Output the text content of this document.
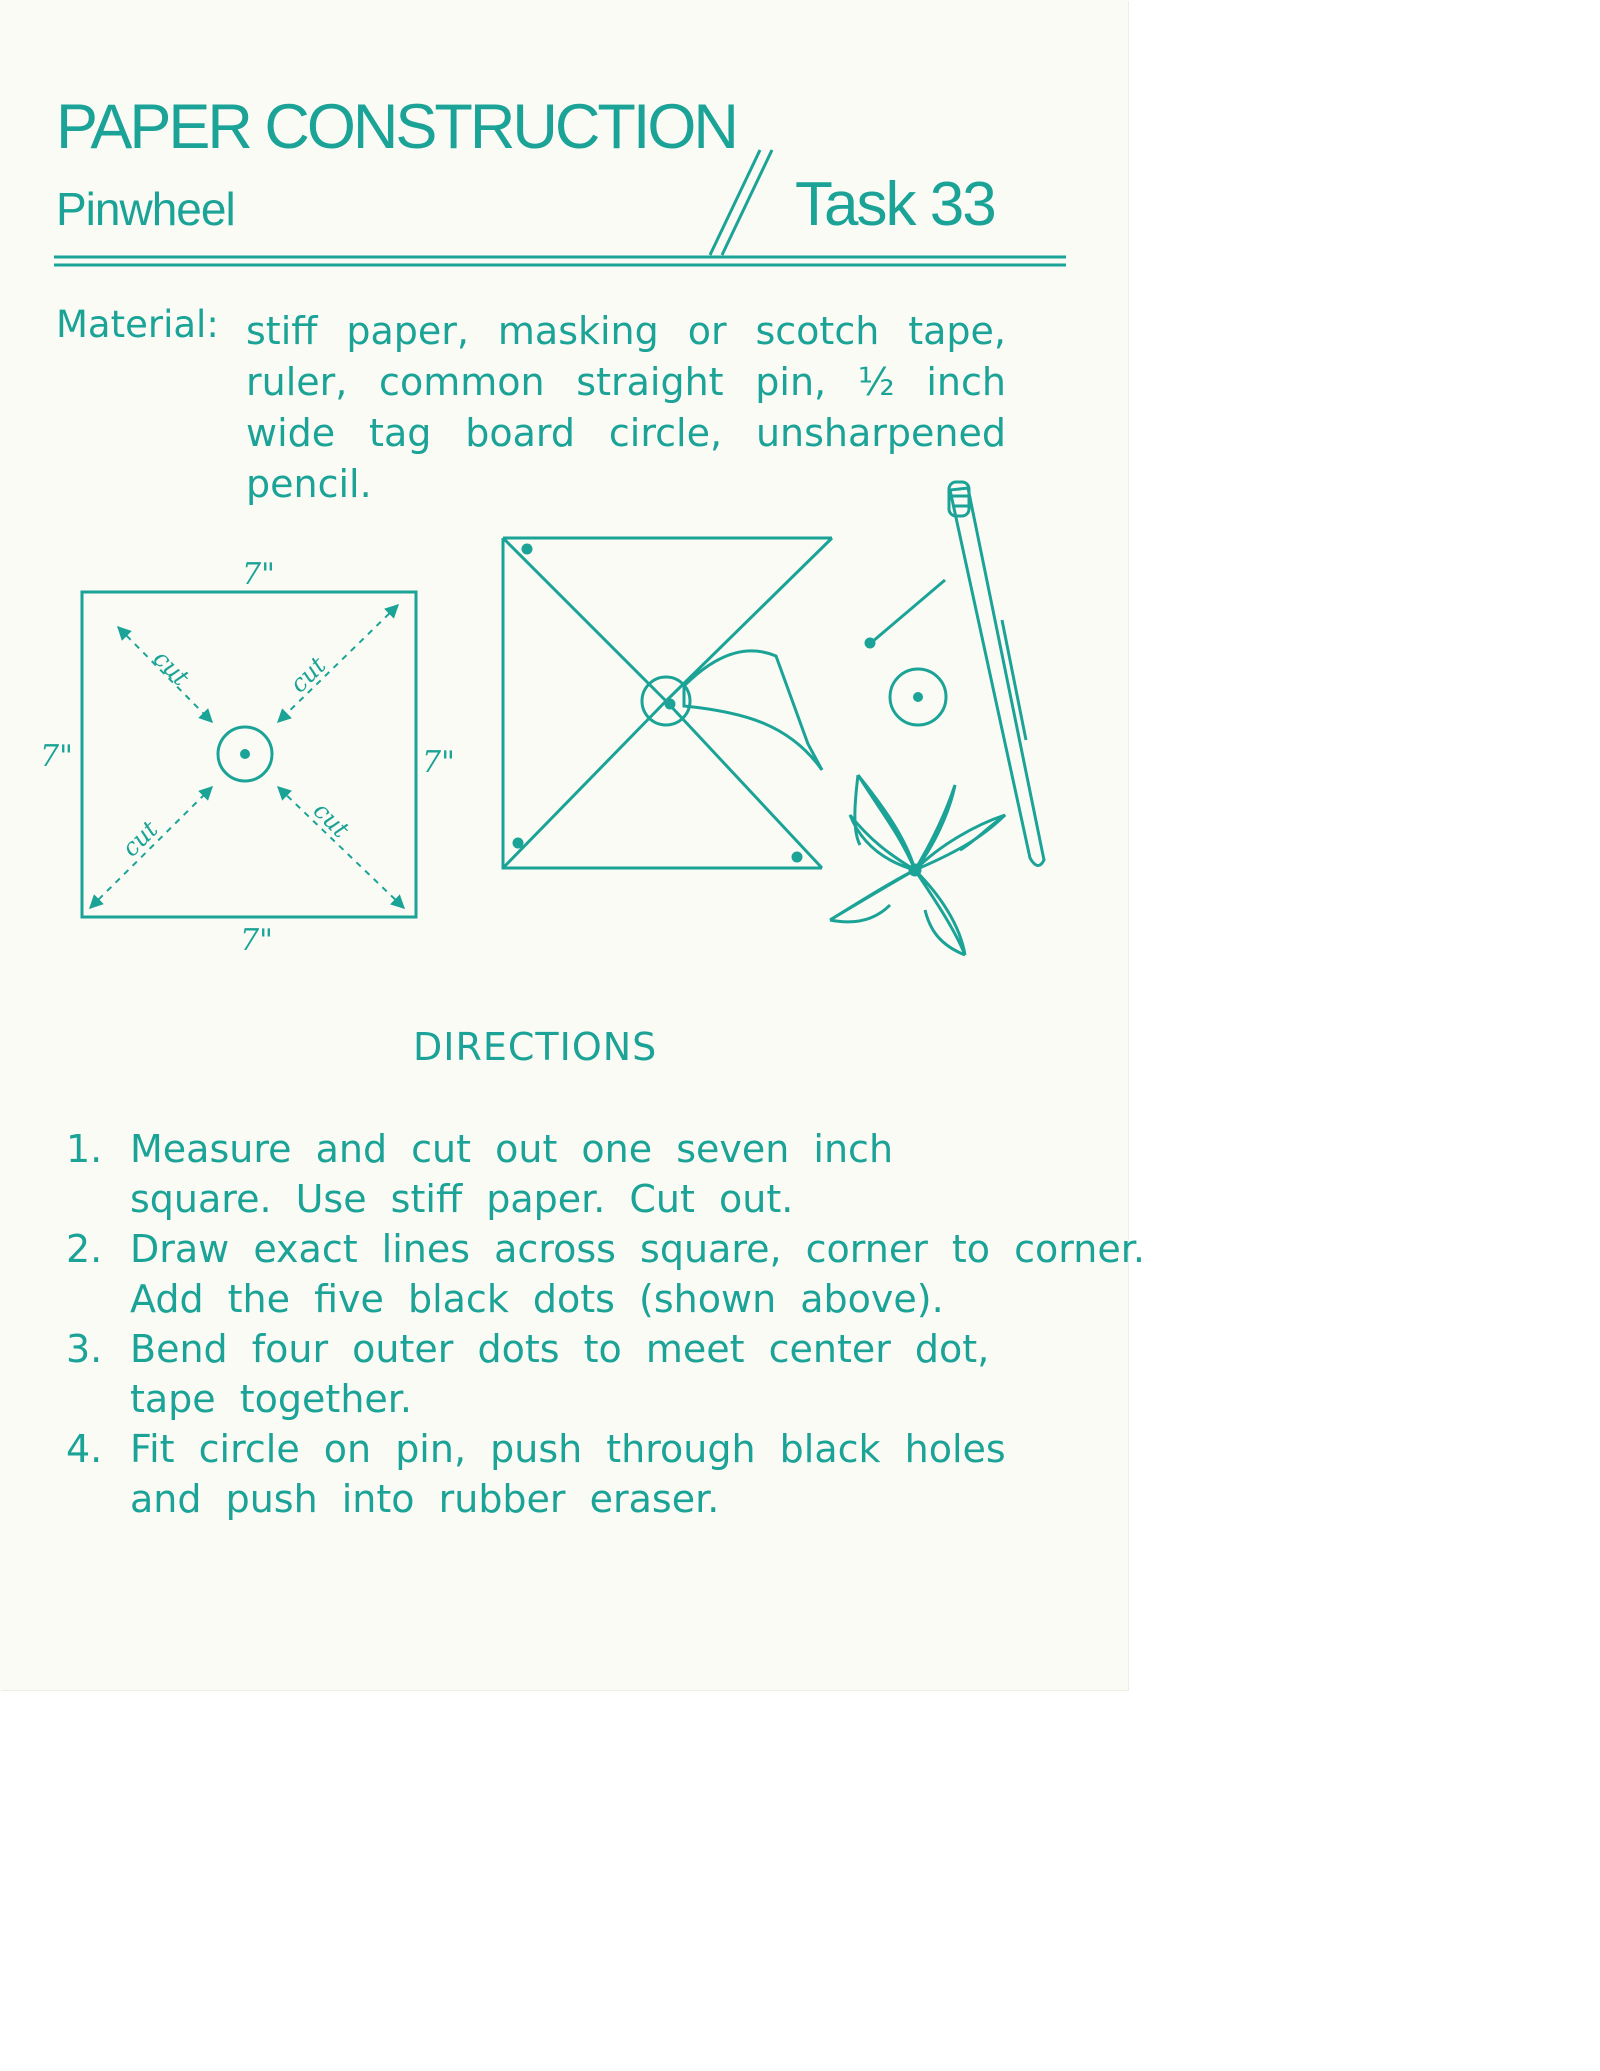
PAPER CONSTRUCTION
Pinwheel	Task 33
Material: stiff paper, masking or scotch tape, ruler, common straight pin, ½ inch wide tag board circle, unsharpened pencil.
cut	cut
cut	cut
7"
7"
7"	7"
DIRECTIONS
1. Measure and cut out one seven inch square. Use stiff paper. Cut out.
2. Draw exact lines across square, corner to corner. Add the five black dots (shown above).
3. Bend four outer dots to meet center dot, tape together.
4. Fit circle on pin, push through black holes and push into rubber eraser.
